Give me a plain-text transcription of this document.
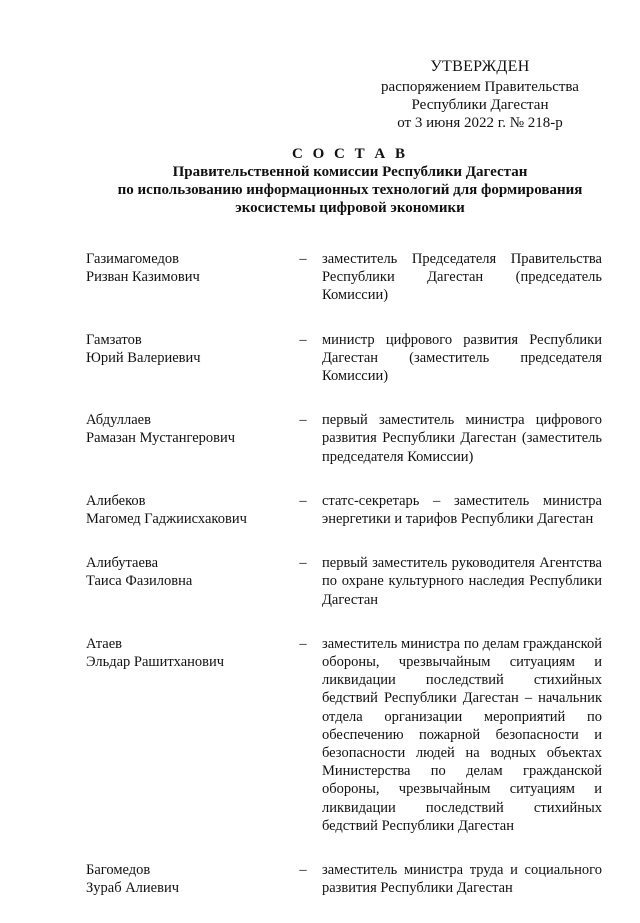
УТВЕРЖДЕН
распоряжением Правительства
Республики Дагестан
от 3 июня 2022 г. № 218-р
С О С Т А В
Правительственной комиссии Республики Дагестан
по использованию информационных технологий для формирования
экосистемы цифровой экономики
Газимагомедов
Ризван Казимович
– заместитель Председателя Правительства Республики Дагестан (председатель Комиссии)
Гамзатов
Юрий Валериевич
– министр цифрового развития Республики Дагестан (заместитель председателя Комиссии)
Абдуллаев
Рамазан Мустангерович
– первый заместитель министра цифрового развития Республики Дагестан (заместитель председателя Комиссии)
Алибеков
Магомед Гаджиисхакович
– статс-секретарь – заместитель министра энергетики и тарифов Республики Дагестан
Алибутаева
Таиса Фазиловна
– первый заместитель руководителя Агентства по охране культурного наследия Республики Дагестан
Атаев
Эльдар Рашитханович
– заместитель министра по делам гражданской обороны, чрезвычайным ситуациям и ликвидации последствий стихийных бедствий Республики Дагестан – начальник отдела организации мероприятий по обеспечению пожарной безопасности и безопасности людей на водных объектах Министерства по делам гражданской обороны, чрезвычайным ситуациям и ликвидации последствий стихийных бедствий Республики Дагестан
Багомедов
Зураб Алиевич
– заместитель министра труда и социального развития Республики Дагестан
